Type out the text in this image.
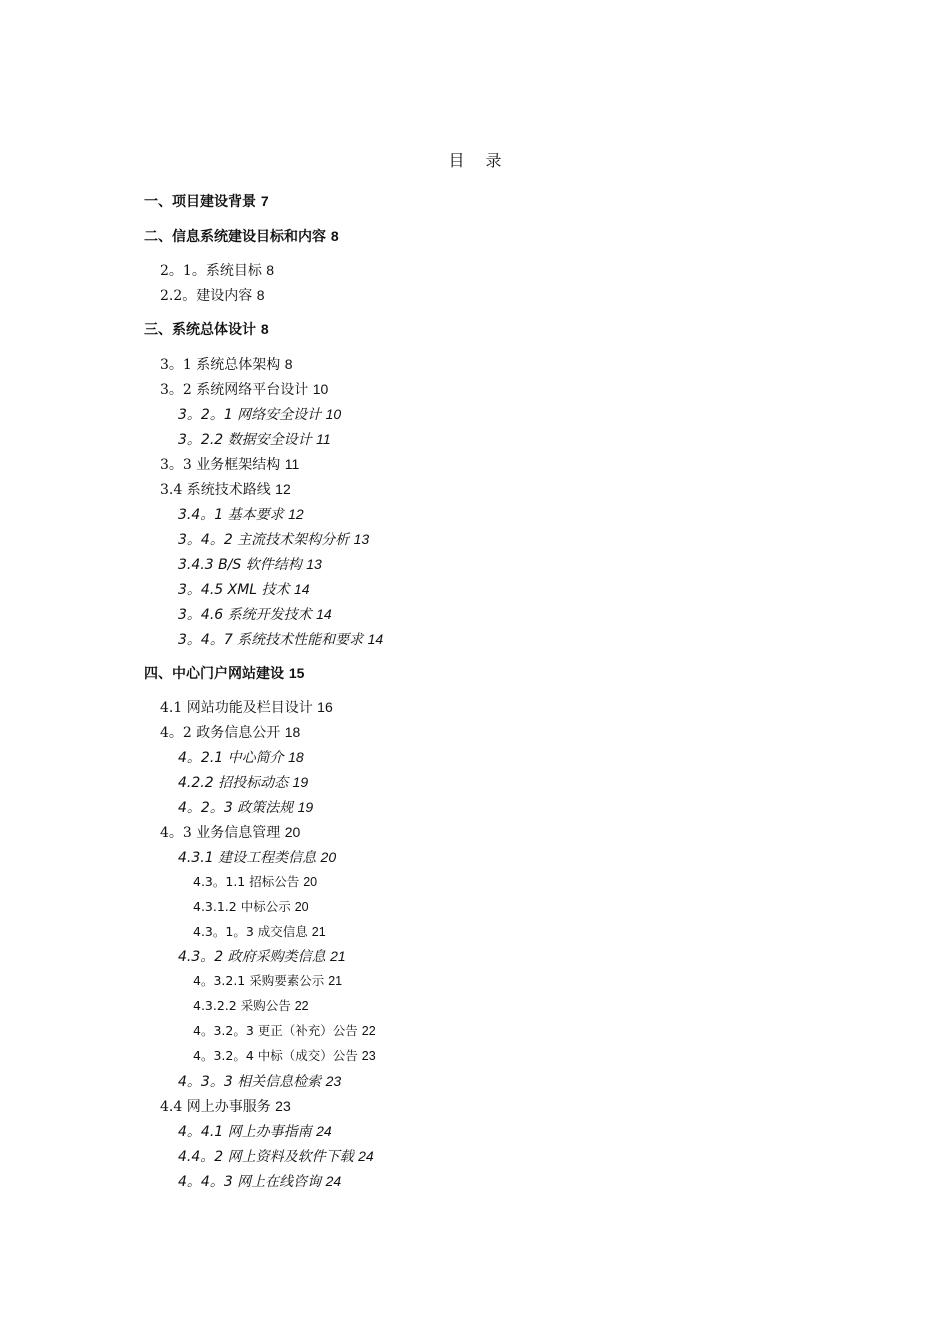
目 录
一、项目建设背景 7
二、信息系统建设目标和内容 8
2。1。系统目标 8
2.2。建设内容 8
三、系统总体设计 8
3。1 系统总体架构 8
3。2 系统网络平台设计 10
3。2。1 网络安全设计 10
3。2.2 数据安全设计 11
3。3 业务框架结构 11
3.4 系统技术路线 12
3.4。1 基本要求 12
3。4。2 主流技术架构分析 13
3.4.3 B/S 软件结构 13
3。4.5 XML 技术 14
3。4.6 系统开发技术 14
3。4。7 系统技术性能和要求 14
四、中心门户网站建设 15
4.1 网站功能及栏目设计 16
4。2 政务信息公开 18
4。2.1 中心简介 18
4.2.2 招投标动态 19
4。2。3 政策法规 19
4。3 业务信息管理 20
4.3.1 建设工程类信息 20
4.3。1.1 招标公告 20
4.3.1.2 中标公示 20
4.3。1。3 成交信息 21
4.3。2 政府采购类信息 21
4。3.2.1 采购要素公示 21
4.3.2.2 采购公告 22
4。3.2。3 更正（补充）公告 22
4。3.2。4 中标（成交）公告 23
4。3。3 相关信息检索 23
4.4 网上办事服务 23
4。4.1 网上办事指南 24
4.4。2 网上资料及软件下载 24
4。4。3 网上在线咨询 24
